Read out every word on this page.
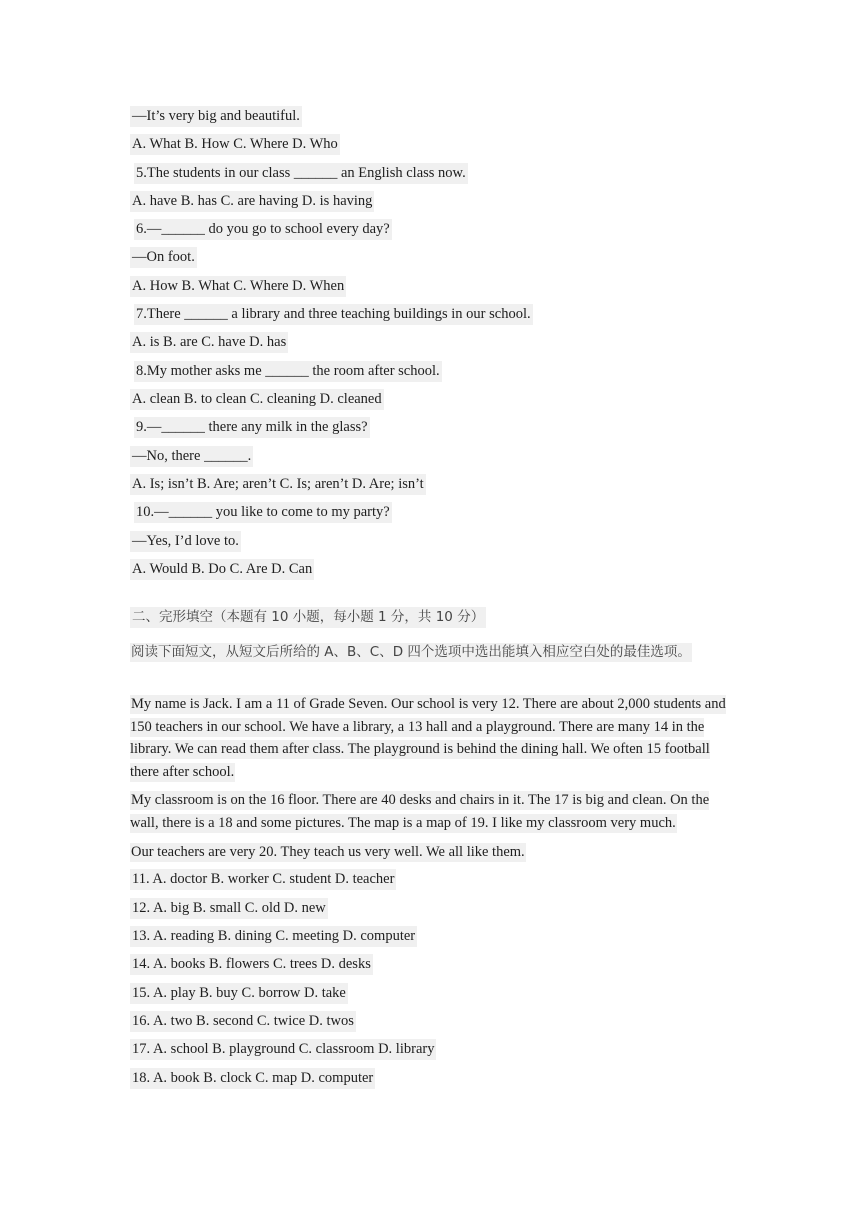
—It’s very big and beautiful.
A. What B. How C. Where D. Who
5.The students in our class ______ an English class now.
A. have B. has C. are having D. is having
6.—______ do you go to school every day?
—On foot.
A. How B. What C. Where D. When
7.There ______ a library and three teaching buildings in our school.
A. is B. are C. have D. has
8.My mother asks me ______ the room after school.
A. clean B. to clean C. cleaning D. cleaned
9.—______ there any milk in the glass?
—No, there ______.
A. Is; isn’t B. Are; aren’t C. Is; aren’t D. Are; isn’t
10.—______ you like to come to my party?
—Yes, I’d love to.
A. Would B. Do C. Are D. Can
二、完形填空（本题有 10 小题，每小题 1 分，共 10 分）
阅读下面短文，从短文后所给的 A、B、C、D 四个选项中选出能填入相应空白处的最佳选项。
My name is Jack. I am a 11 of Grade Seven. Our school is very 12. There are about 2,000 students and 150 teachers in our school. We have a library, a 13 hall and a playground. There are many 14 in the library. We can read them after class. The playground is behind the dining hall. We often 15 football there after school.
My classroom is on the 16 floor. There are 40 desks and chairs in it. The 17 is big and clean. On the wall, there is a 18 and some pictures. The map is a map of 19. I like my classroom very much.
Our teachers are very 20. They teach us very well. We all like them.
11. A. doctor B. worker C. student D. teacher
12. A. big B. small C. old D. new
13. A. reading B. dining C. meeting D. computer
14. A. books B. flowers C. trees D. desks
15. A. play B. buy C. borrow D. take
16. A. two B. second C. twice D. twos
17. A. school B. playground C. classroom D. library
18. A. book B. clock C. map D. computer
